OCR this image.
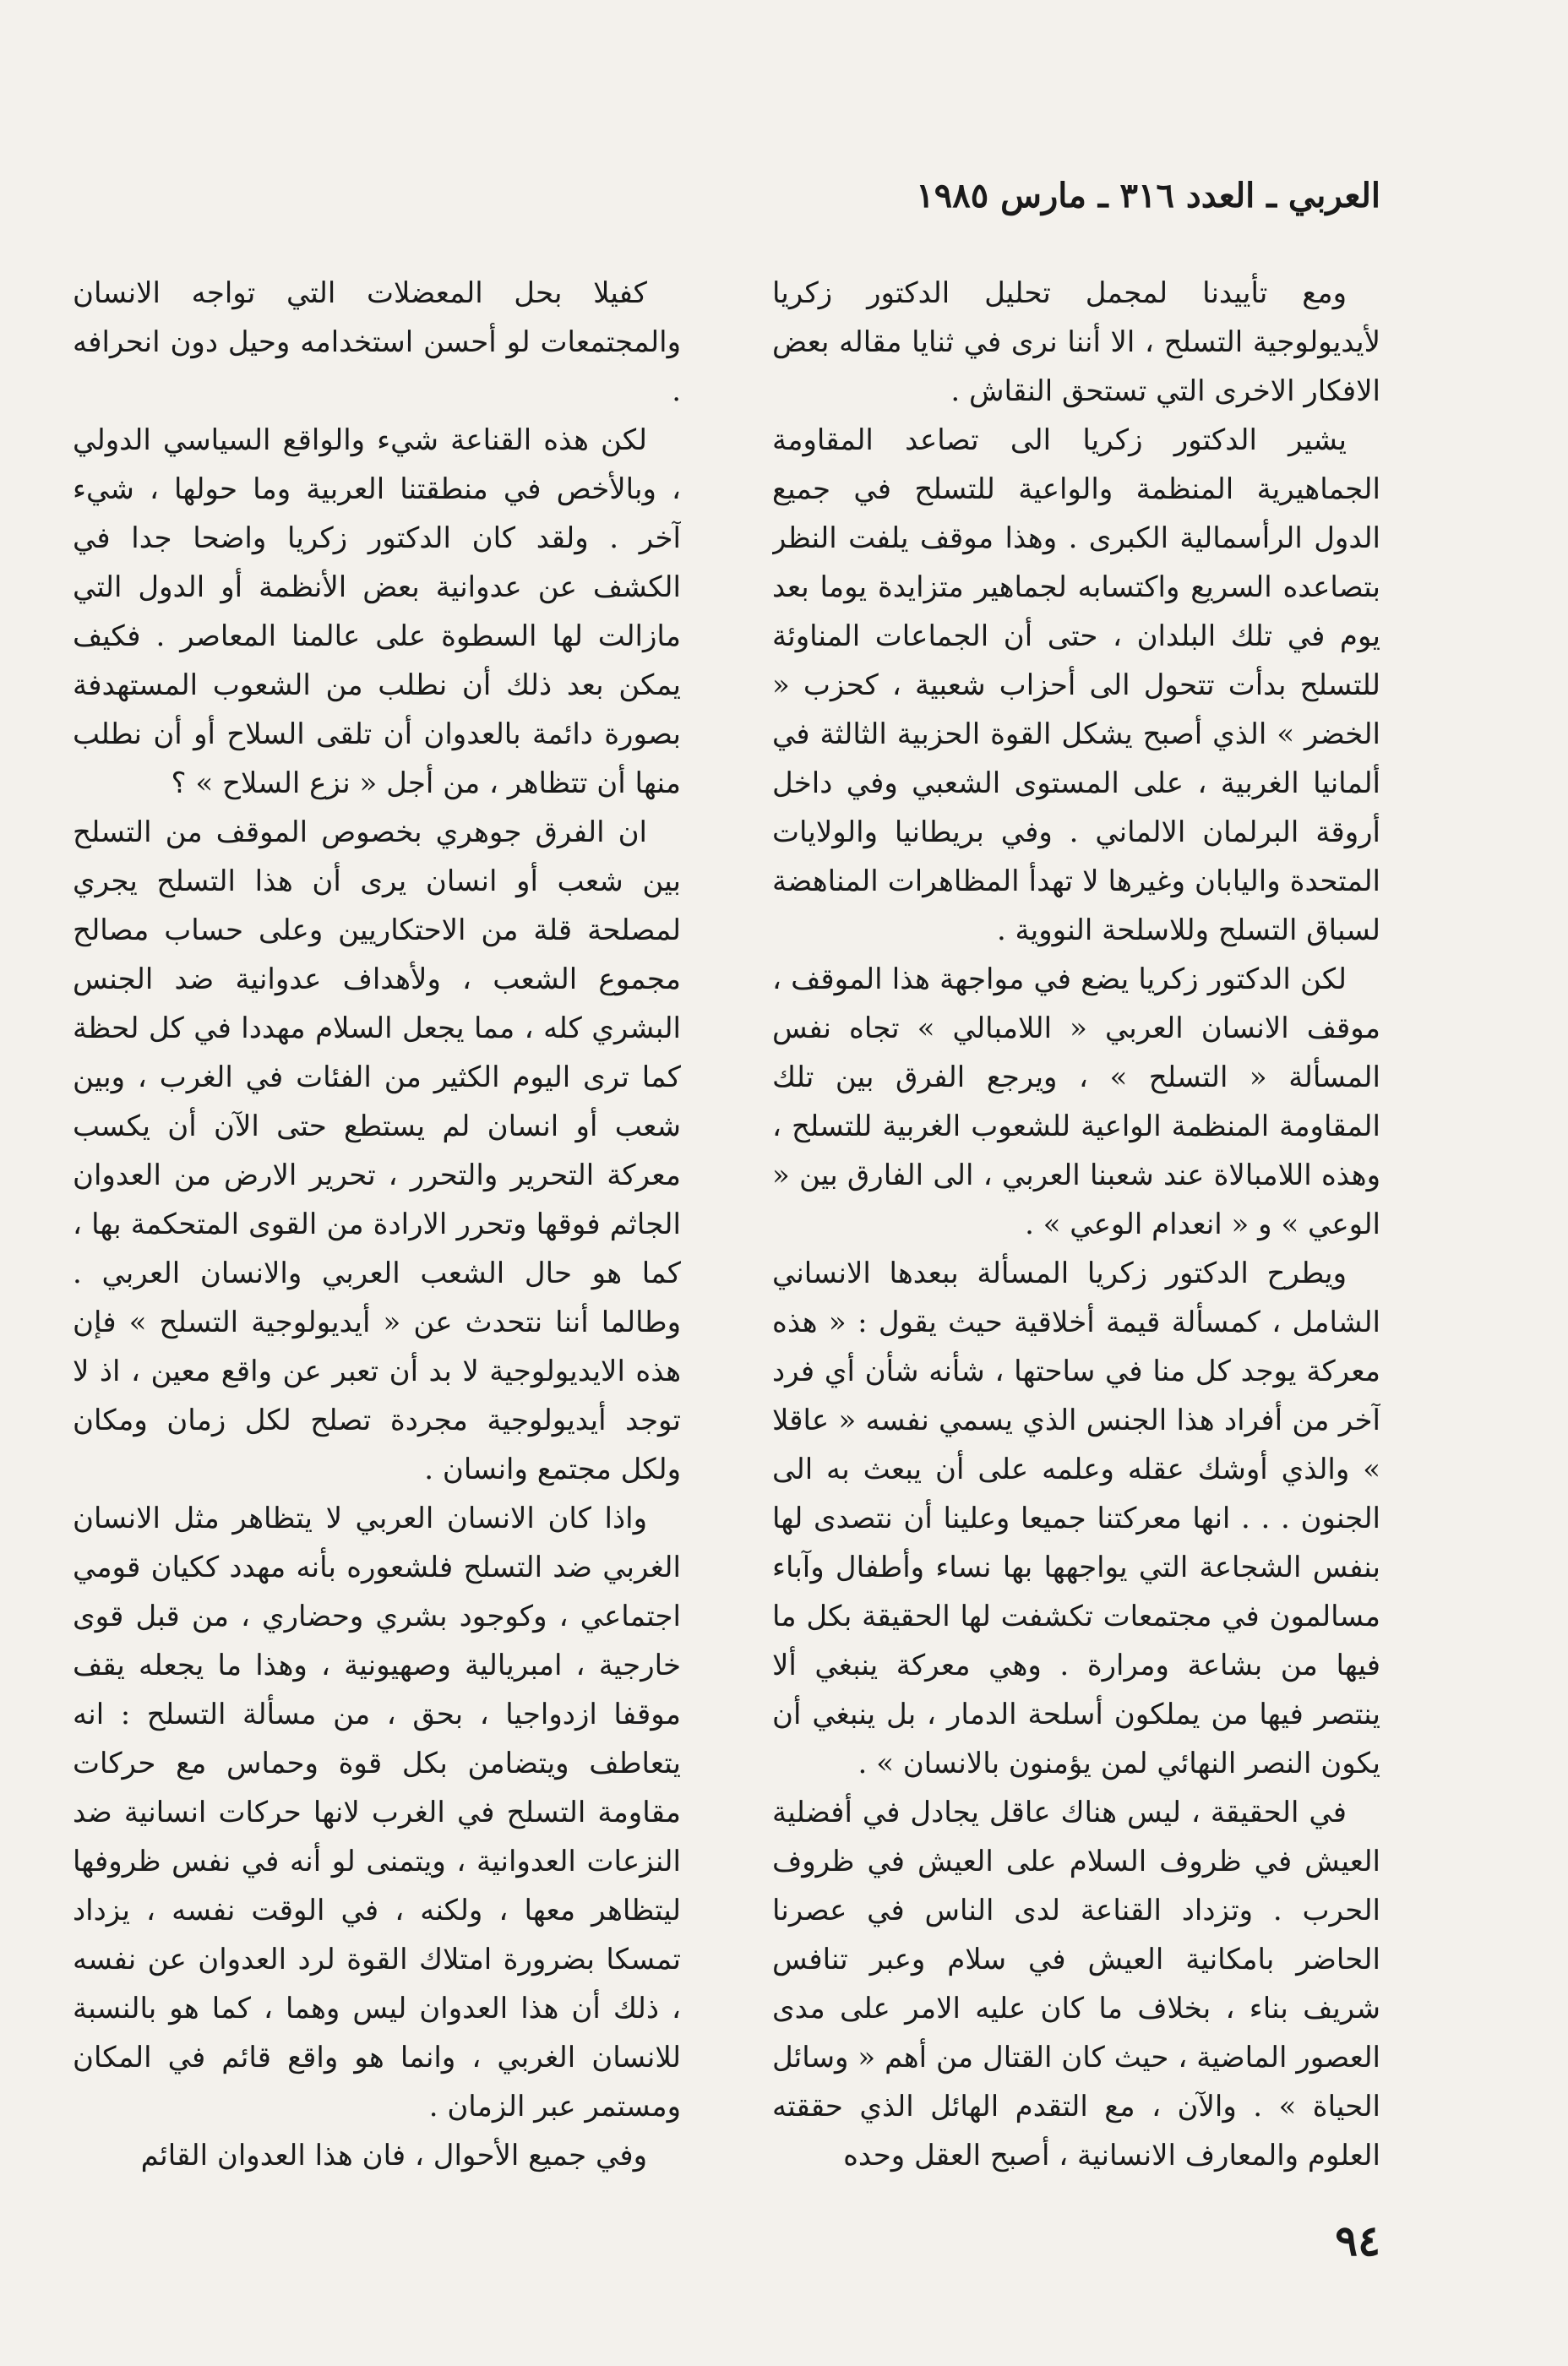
العربي ـ العدد ٣١٦ ـ مارس ١٩٨٥

ومع تأييدنا لمجمل تحليل الدكتور زكريا لأيديولوجية التسلح ، الا أننا نرى في ثنايا مقاله بعض الافكار الاخرى التي تستحق النقاش .

يشير الدكتور زكريا الى تصاعد المقاومة الجماهيرية المنظمة والواعية للتسلح في جميع الدول الرأسمالية الكبرى . وهذا موقف يلفت النظر بتصاعده السريع واكتسابه لجماهير متزايدة يوما بعد يوم في تلك البلدان ، حتى أن الجماعات المناوئة للتسلح بدأت تتحول الى أحزاب شعبية ، كحزب « الخضر » الذي أصبح يشكل القوة الحزبية الثالثة في ألمانيا الغربية ، على المستوى الشعبي وفي داخل أروقة البرلمان الالماني . وفي بريطانيا والولايات المتحدة واليابان وغيرها لا تهدأ المظاهرات المناهضة لسباق التسلح وللاسلحة النووية .

لكن الدكتور زكريا يضع في مواجهة هذا الموقف ، موقف الانسان العربي « اللامبالي » تجاه نفس المسألة « التسلح » ، ويرجع الفرق بين تلك المقاومة المنظمة الواعية للشعوب الغربية للتسلح ، وهذه اللامبالاة عند شعبنا العربي ، الى الفارق بين « الوعي » و « انعدام الوعي » .

ويطرح الدكتور زكريا المسألة ببعدها الانساني الشامل ، كمسألة قيمة أخلاقية حيث يقول : « هذه معركة يوجد كل منا في ساحتها ، شأنه شأن أي فرد آخر من أفراد هذا الجنس الذي يسمي نفسه « عاقلا » والذي أوشك عقله وعلمه على أن يبعث به الى الجنون . . . انها معركتنا جميعا وعلينا أن نتصدى لها بنفس الشجاعة التي يواجهها بها نساء وأطفال وآباء مسالمون في مجتمعات تكشفت لها الحقيقة بكل ما فيها من بشاعة ومرارة . وهي معركة ينبغي ألا ينتصر فيها من يملكون أسلحة الدمار ، بل ينبغي أن يكون النصر النهائي لمن يؤمنون بالانسان » .

في الحقيقة ، ليس هناك عاقل يجادل في أفضلية العيش في ظروف السلام على العيش في ظروف الحرب . وتزداد القناعة لدى الناس في عصرنا الحاضر بامكانية العيش في سلام وعبر تنافس شريف بناء ، بخلاف ما كان عليه الامر على مدى العصور الماضية ، حيث كان القتال من أهم « وسائل الحياة » . والآن ، مع التقدم الهائل الذي حققته العلوم والمعارف الانسانية ، أصبح العقل وحده

كفيلا بحل المعضلات التي تواجه الانسان والمجتمعات لو أحسن استخدامه وحيل دون انحرافه .

لكن هذه القناعة شيء والواقع السياسي الدولي ، وبالأخص في منطقتنا العربية وما حولها ، شيء آخر . ولقد كان الدكتور زكريا واضحا جدا في الكشف عن عدوانية بعض الأنظمة أو الدول التي مازالت لها السطوة على عالمنا المعاصر . فكيف يمكن بعد ذلك أن نطلب من الشعوب المستهدفة بصورة دائمة بالعدوان أن تلقى السلاح أو أن نطلب منها أن تتظاهر ، من أجل « نزع السلاح » ؟

ان الفرق جوهري بخصوص الموقف من التسلح بين شعب أو انسان يرى أن هذا التسلح يجري لمصلحة قلة من الاحتكاريين وعلى حساب مصالح مجموع الشعب ، ولأهداف عدوانية ضد الجنس البشري كله ، مما يجعل السلام مهددا في كل لحظة كما ترى اليوم الكثير من الفئات في الغرب ، وبين شعب أو انسان لم يستطع حتى الآن أن يكسب معركة التحرير والتحرر ، تحرير الارض من العدوان الجاثم فوقها وتحرر الارادة من القوى المتحكمة بها ، كما هو حال الشعب العربي والانسان العربي . وطالما أننا نتحدث عن « أيديولوجية التسلح » فإن هذه الايديولوجية لا بد أن تعبر عن واقع معين ، اذ لا توجد أيديولوجية مجردة تصلح لكل زمان ومكان ولكل مجتمع وانسان .

واذا كان الانسان العربي لا يتظاهر مثل الانسان الغربي ضد التسلح فلشعوره بأنه مهدد ككيان قومي اجتماعي ، وكوجود بشري وحضاري ، من قبل قوى خارجية ، امبريالية وصهيونية ، وهذا ما يجعله يقف موقفا ازدواجيا ، بحق ، من مسألة التسلح : انه يتعاطف ويتضامن بكل قوة وحماس مع حركات مقاومة التسلح في الغرب لانها حركات انسانية ضد النزعات العدوانية ، ويتمنى لو أنه في نفس ظروفها ليتظاهر معها ، ولكنه ، في الوقت نفسه ، يزداد تمسكا بضرورة امتلاك القوة لرد العدوان عن نفسه ، ذلك أن هذا العدوان ليس وهما ، كما هو بالنسبة للانسان الغربي ، وانما هو واقع قائم في المكان ومستمر عبر الزمان .

وفي جميع الأحوال ، فان هذا العدوان القائم

٩٤
